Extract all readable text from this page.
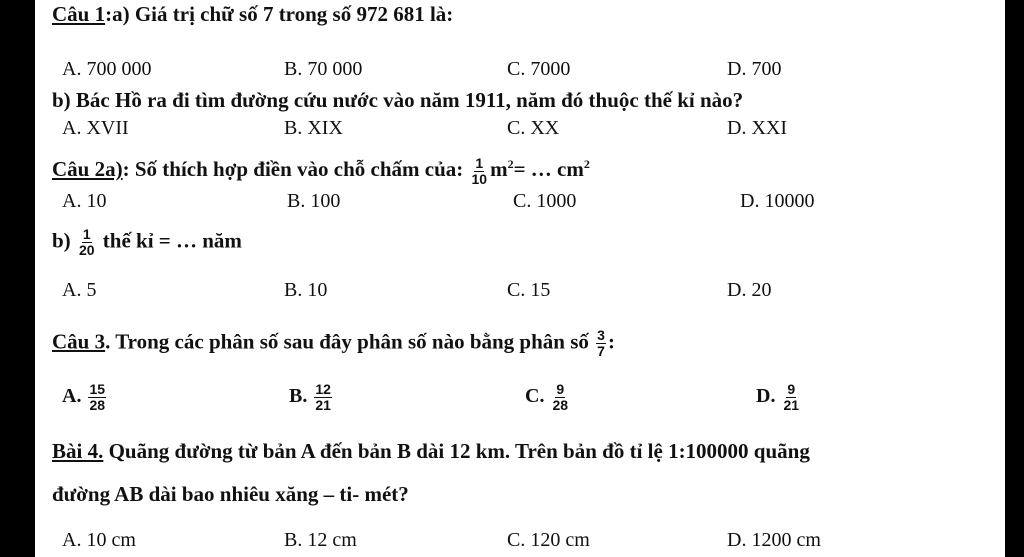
Câu 1:a) Giá trị chữ số 7 trong số 972 681 là:
A. 700 000	B. 70 000	C. 7000	D. 700
b) Bác Hồ ra đi tìm đường cứu nước vào năm 1911, năm đó thuộc thế kỉ nào?
A. XVII	B. XIX	C. XX	D. XXI
Câu 2a): Số thích hợp điền vào chỗ chấm của: $\frac{1}{10} m^2=$ … $cm^2$
A. 10	B. 100	C. 1000	D. 10000
$b) \frac{1}{20}$ thế kỉ = … năm
A. 5	B. 10	C. 15	D. 20
Câu 3. Trong các phân số sau đây phân số nào bằng phân số $\frac{3}{7}$ :
A. $\frac{15}{28}$	B. $\frac{12}{21}$	C. $\frac{9}{28}$	D. $\frac{9}{21}$
Bài 4. Quãng đường từ bản A đến bản B dài 12 km. Trên bản đồ tỉ lệ 1:100000 quãng
đường AB dài bao nhiêu xăng – ti- mét?
A. 10 cm	B. 12 cm	C. 120 cm	D. 1200 cm
